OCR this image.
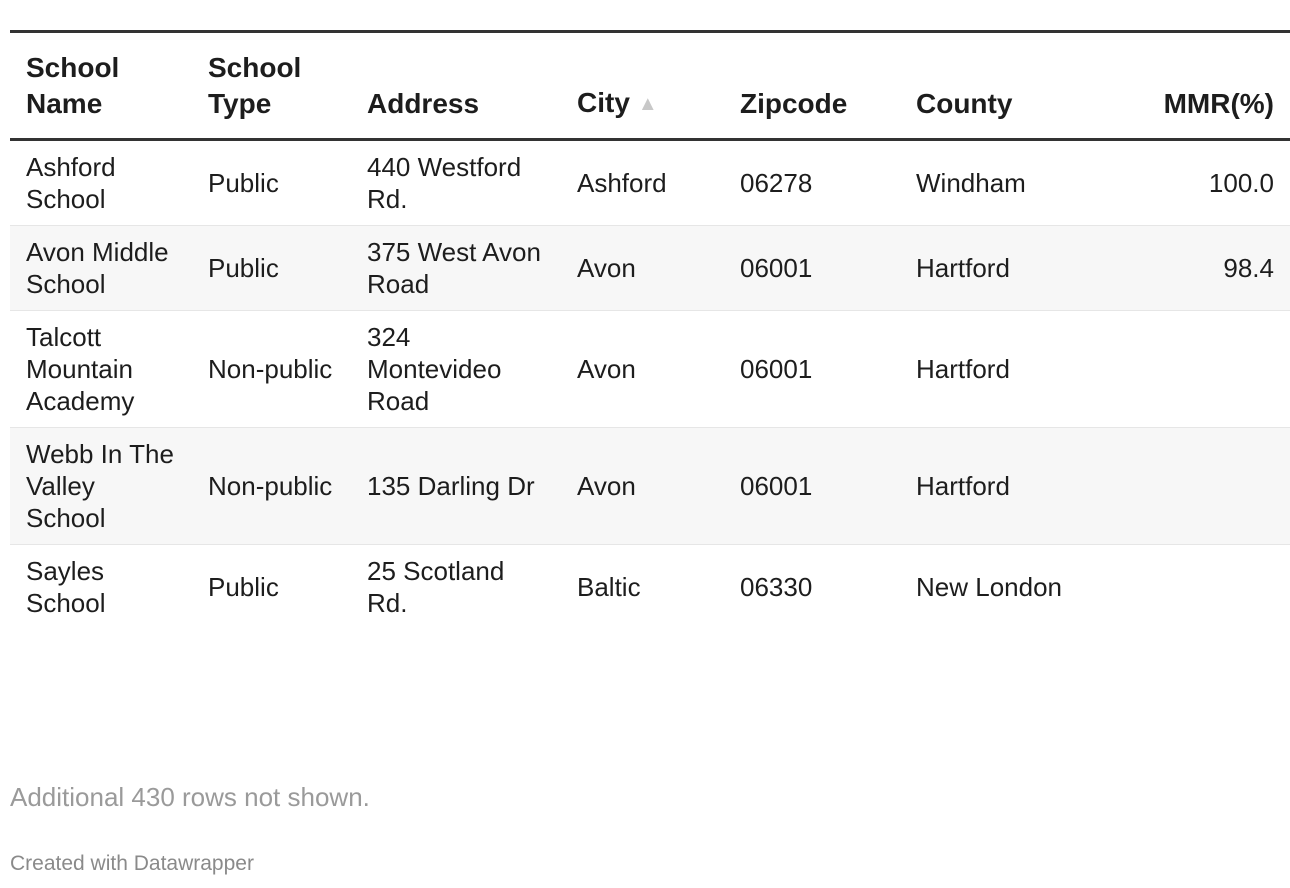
School Name	School Type	Address	City ▲	Zipcode	County	MMR(%)
Ashford School	Public	440 Westford Rd.	Ashford	06278	Windham	100.0
Avon Middle School	Public	375 West Avon Road	Avon	06001	Hartford	98.4
Talcott Mountain Academy	Non-public	324 Montevideo Road	Avon	06001	Hartford	
Webb In The Valley School	Non-public	135 Darling Dr	Avon	06001	Hartford	
Sayles School	Public	25 Scotland Rd.	Baltic	06330	New London	
Additional 430 rows not shown.
Created with Datawrapper
